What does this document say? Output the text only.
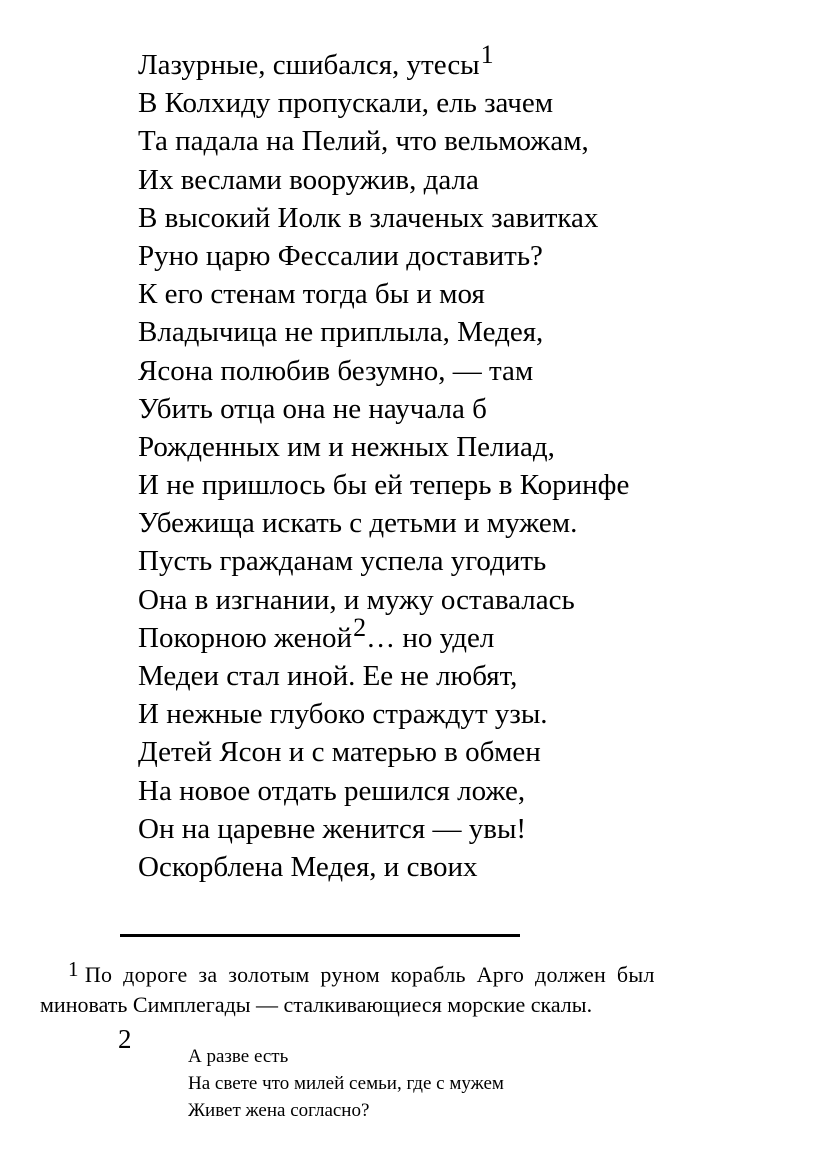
Лазурные, сшибался, утесы1
В Колхиду пропускали, ель зачем
Та падала на Пелий, что вельможам,
Их веслами вооружив, дала
В высокий Иолк в злаченых завитках
Руно царю Фессалии доставить?
К его стенам тогда бы и моя
Владычица не приплыла, Медея,
Ясона полюбив безумно, — там
Убить отца она не научала б
Рожденных им и нежных Пелиад,
И не пришлось бы ей теперь в Коринфе
Убежища искать с детьми и мужем.
Пусть гражданам успела угодить
Она в изгнании, и мужу оставалась
Покорною женой2… но удел
Медеи стал иной. Ее не любят,
И нежные глубоко страждут узы.
Детей Ясон и с матерью в обмен
На новое отдать решился ложе,
Он на царевне женится — увы!
Оскорблена Медея, и своих
1 По дороге за золотым руном корабль Арго должен был
миновать Симплегады — сталкивающиеся морские скалы.
2
А разве есть
На свете что милей семьи, где с мужем
Живет жена согласно?
